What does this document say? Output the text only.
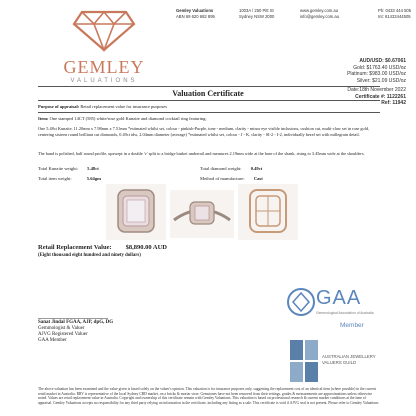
GEMLEY
VALUATIONS
Gemley Valuations
ABN 69 620 682 895
1003A / 250 Pitt St
Sydney NSW 2000
www.gemley.com.au
info@gemley.com.au
Ph: 0433 444 505
Int: 61433444505
AUD/USD: $0.67061
Gold: $1763.40 USD/oz
Platinum: $983.00 USD/oz
Silver: $21.09 USD/oz
Date:18th November 2022
Certificate #: 1122261
Ref: 11942
Valuation Certificate
Purpose of appraisal: Retail replacement value for insurance purposes
Item: One stamped 14CT (585) white/rose gold Kunzite and diamond cocktail ring featuring;
One 5.48ct Kunzite, 11.20mm x 7.98mm x 7.51mm *estimated whilst set, colour - pinkish-Purple, tone - medium, clarity - minor eye visible inclusions, cushion cut, multi-claw set in rose gold, centering sixteen round brilliant cut diamonds, 0.49ct tdw, 2.04mm diameter (average) *estimated whilst set, colour - J - K, clarity - SI-2 - I-2, individually bezel set with millegrain detail.
The band is polished, half round profile, upswept in a double 'v' split to a bridge basket underrail and measures 2.19mm wide at the base of the shank, rising to 3.45mm wide at the shoulders.
Total Kunzite weight: 5.48ct	Total diamond weight: 0.49ct
Total item weight:	5.64gm	Method of manufacture: Cast
Retail Replacement Value: $8,890.00 AUD
(Eight thousand eight hundred and ninety dollars)
GAA
Gemmological Association of Australia
Member
AUSTRALIAN JEWELLERY
VALUERS GUILD
Sanat Jindal FGAA, AJP, dpG, DG
Gemmologist & Valuer
AJVG Registered Valuer
GAA Member
The above valuation has been examined and the value given is based solely on the valuer's opinion. This valuation is for insurance purposes only, suggesting the replacement cost of an identical item (where possible) in the current retail market in Australia. RRV is representative of the local Sydney CBD market, on a bricks & mortar store. Gemstones have not been removed from their settings, grades & measurements are approximations unless otherwise noted. Values are retail replacement value in Australia. Copyright and ownership of this certificate remain with Gemley Valuations. This valuation is based on professional research & current market conditions at the time of appraisal. Gemley Valuations accepts no responsibility for any third party relying on information in the certificate, including any listing as a sale. This certificate is void if AJVG seal is not present. Please refer to Gemley Valuations
